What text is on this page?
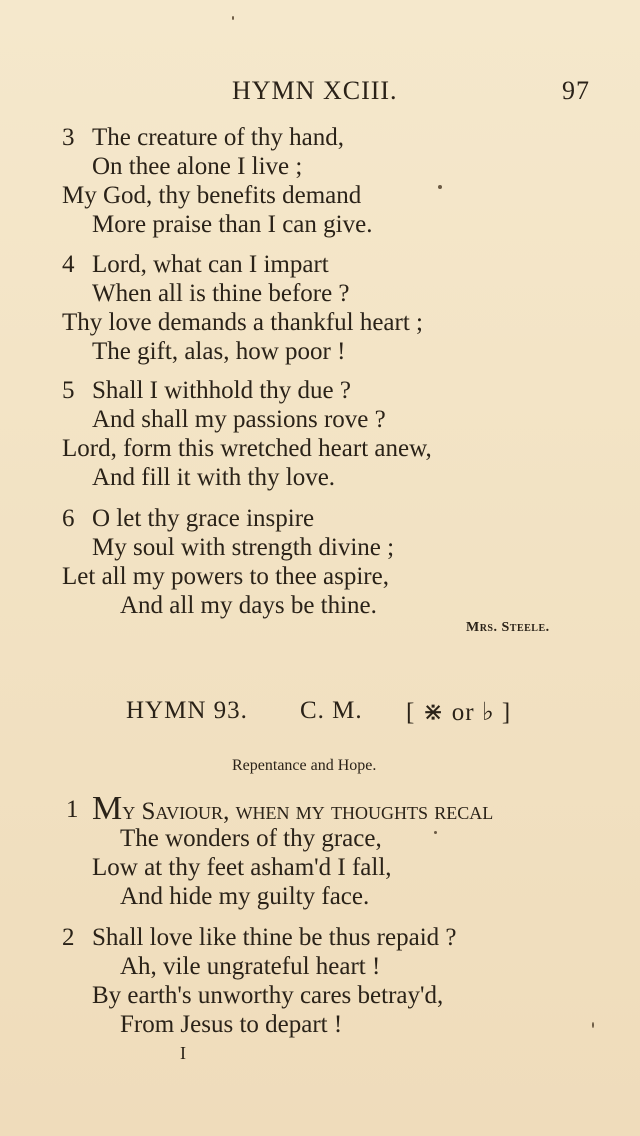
HYMN XCIII.	97
3 The creature of thy hand,
On thee alone I live ;
My God, thy benefits demand
More praise than I can give.
4 Lord, what can I impart
When all is thine before ?
Thy love demands a thankful heart ;
The gift, alas, how poor !
5 Shall I withhold thy due ?
And shall my passions rove ?
Lord, form this wretched heart anew,
And fill it with thy love.
6 O let thy grace inspire
My soul with strength divine ;
Let all my powers to thee aspire,
And all my days be thine.
Mrs. Steele.
HYMN 93. C. M. [ ⋇ or ♭ ]
Repentance and Hope.
1 My Saviour, when my thoughts recal
The wonders of thy grace,
Low at thy feet asham'd I fall,
And hide my guilty face.
2 Shall love like thine be thus repaid ?
Ah, vile ungrateful heart !
By earth's unworthy cares betray'd,
From Jesus to depart !
I
